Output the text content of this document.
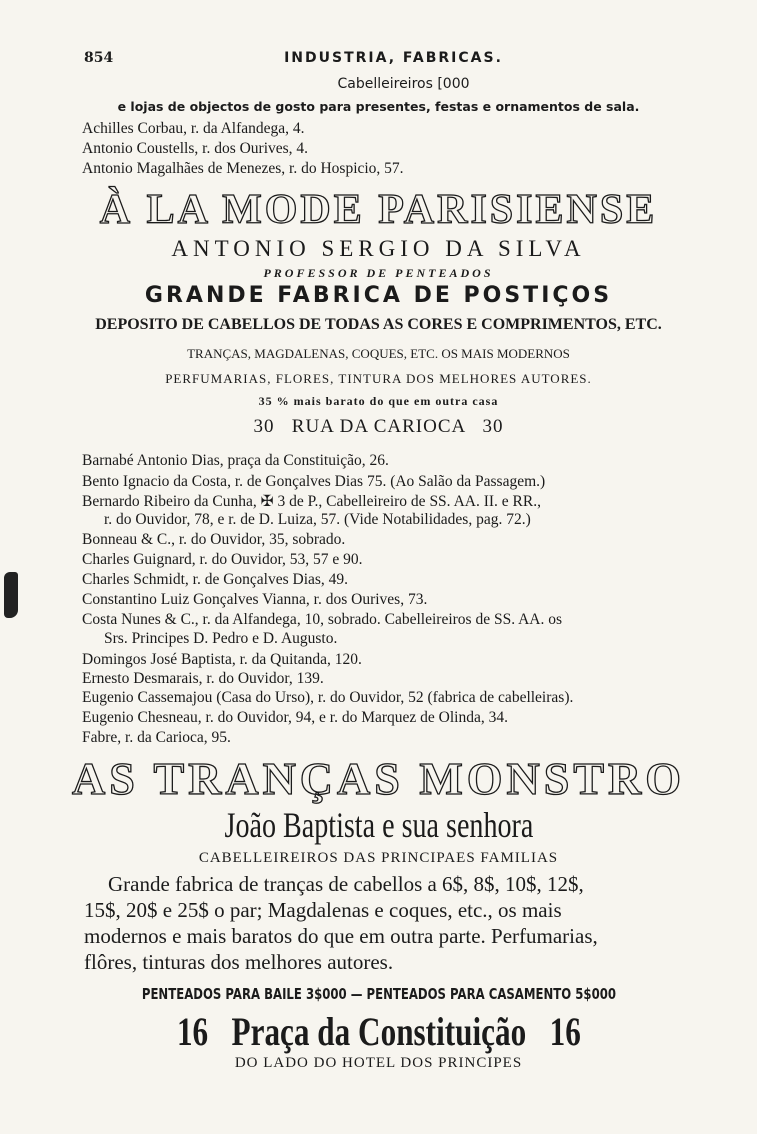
854	INDUSTRIA, FABRICAS.
Cabelleireiros [000
e lojas de objectos de gosto para presentes, festas e ornamentos de sala.
Achilles Corbau, r. da Alfandega, 4.
Antonio Coustells, r. dos Ourives, 4.
Antonio Magalhães de Menezes, r. do Hospicio, 57.
À LA MODE PARISIENSE
ANTONIO SERGIO DA SILVA
PROFESSOR DE PENTEADOS
GRANDE FABRICA DE POSTIÇOS
DEPOSITO DE CABELLOS DE TODAS AS CORES E COMPRIMENTOS, ETC.
TRANÇAS, MAGDALENAS, COQUES, ETC. OS MAIS MODERNOS
PERFUMARIAS, FLORES, TINTURA DOS MELHORES AUTORES.
35 % mais barato do que em outra casa
30   RUA DA CARIOCA   30
Barnabé Antonio Dias, praça da Constituição, 26.
Bento Ignacio da Costa, r. de Gonçalves Dias 75. (Ao Salão da Passagem.)
Bernardo Ribeiro da Cunha, ✠ 3 de P., Cabelleireiro de SS. AA. II. e RR.,
r. do Ouvidor, 78, e r. de D. Luiza, 57. (Vide Notabilidades, pag. 72.)
Bonneau & C., r. do Ouvidor, 35, sobrado.
Charles Guignard, r. do Ouvidor, 53, 57 e 90.
Charles Schmidt, r. de Gonçalves Dias, 49.
Constantino Luiz Gonçalves Vianna, r. dos Ourives, 73.
Costa Nunes & C., r. da Alfandega, 10, sobrado. Cabelleireiros de SS. AA. os
Srs. Principes D. Pedro e D. Augusto.
Domingos José Baptista, r. da Quitanda, 120.
Ernesto Desmarais, r. do Ouvidor, 139.
Eugenio Cassemajou (Casa do Urso), r. do Ouvidor, 52 (fabrica de cabelleiras).
Eugenio Chesneau, r. do Ouvidor, 94, e r. do Marquez de Olinda, 34.
Fabre, r. da Carioca, 95.
AS TRANÇAS MONSTRO
João Baptista e sua senhora
CABELLEIREIROS DAS PRINCIPAES FAMILIAS
Grande fabrica de tranças de cabellos a 6$, 8$, 10$, 12$,
15$, 20$ e 25$ o par; Magdalenas e coques, etc., os mais
modernos e mais baratos do que em outra parte. Perfumarias,
flôres, tinturas dos melhores autores.
PENTEADOS PARA BAILE 3$000 — PENTEADOS PARA CASAMENTO 5$000
16   Praça da Constituição   16
DO LADO DO HOTEL DOS PRINCIPES
